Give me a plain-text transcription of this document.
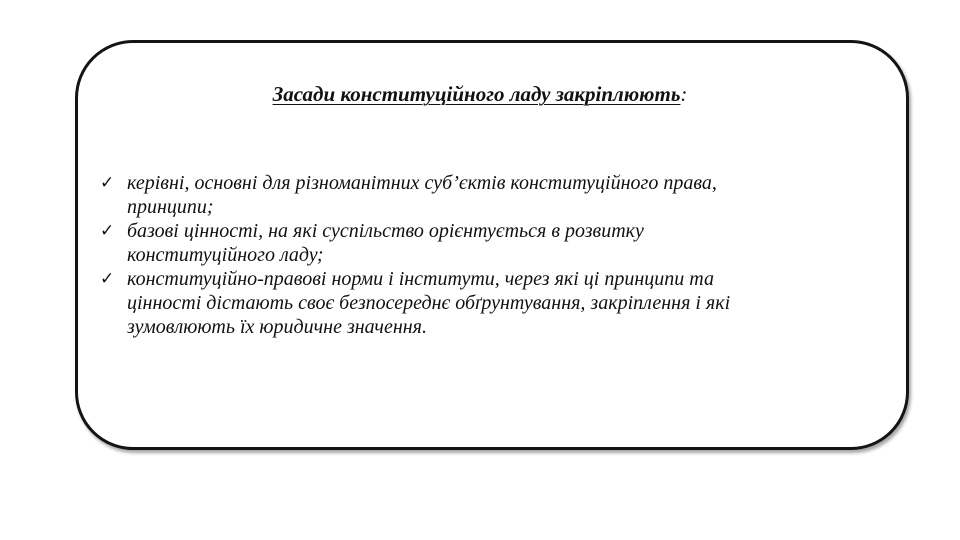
Засади конституційного ладу закріплюють:
✓ керівні, основні для різноманітних суб’єктів конституційного права,
принципи;
✓ базові цінності, на які суспільство орієнтується в розвитку
конституційного ладу;
✓ конституційно-правові норми і інститути, через які ці принципи та
цінності дістають своє безпосереднє обґрунтування, закріплення і які
зумовлюють їх юридичне значення.
